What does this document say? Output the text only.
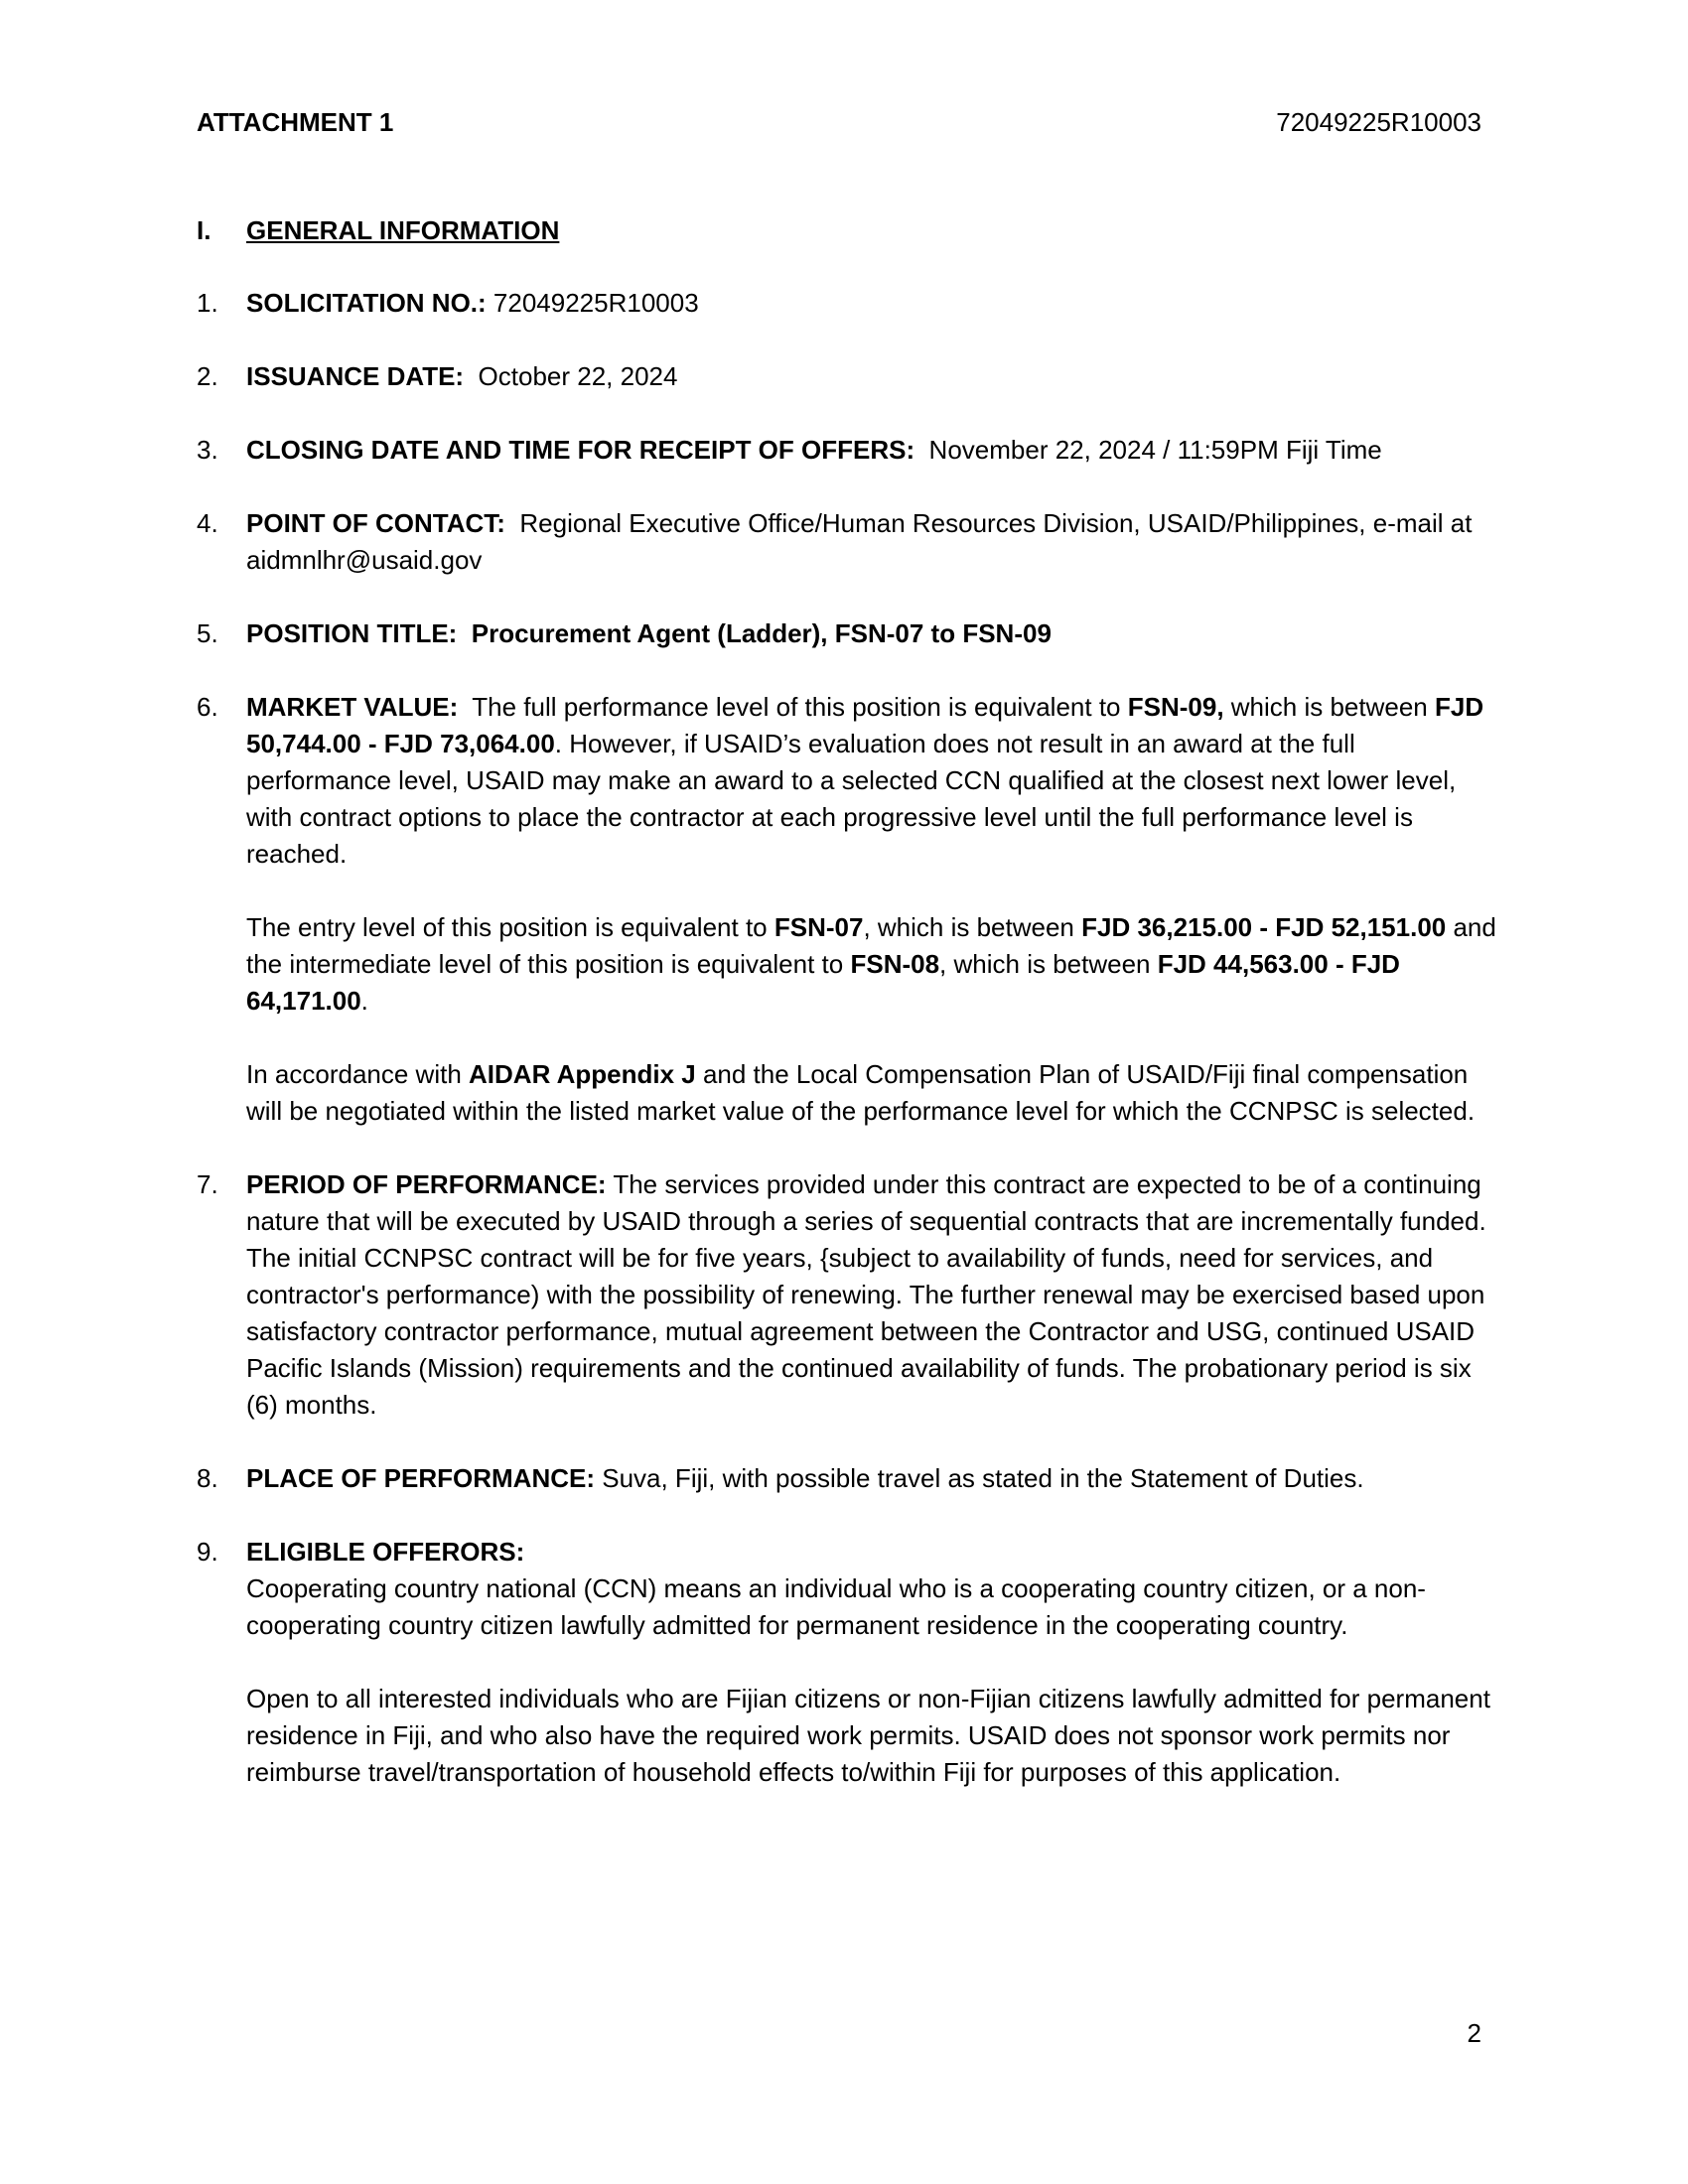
ATTACHMENT 1	72049225R10003
I. GENERAL INFORMATION
1.	SOLICITATION NO.: 72049225R10003

2.	ISSUANCE DATE:  October 22, 2024

3.	CLOSING DATE AND TIME FOR RECEIPT OF OFFERS:  November 22, 2024 / 11:59PM Fiji Time

4.	POINT OF CONTACT:  Regional Executive Office/Human Resources Division, USAID/Philippines, e-mail at aidmnlhr@usaid.gov

5.	POSITION TITLE:  Procurement Agent (Ladder), FSN-07 to FSN-09

6.	MARKET VALUE:  The full performance level of this position is equivalent to FSN-09, which is between FJD 50,744.00 - FJD 73,064.00. However, if USAID’s evaluation does not result in an award at the full performance level, USAID may make an award to a selected CCN qualified at the closest next lower level, with contract options to place the contractor at each progressive level until the full performance level is reached.

The entry level of this position is equivalent to FSN-07, which is between FJD 36,215.00 - FJD 52,151.00 and the intermediate level of this position is equivalent to FSN-08, which is between FJD 44,563.00 - FJD 64,171.00.

In accordance with AIDAR Appendix J and the Local Compensation Plan of USAID/Fiji final compensation will be negotiated within the listed market value of the performance level for which the CCNPSC is selected.

7.	PERIOD OF PERFORMANCE: The services provided under this contract are expected to be of a continuing nature that will be executed by USAID through a series of sequential contracts that are incrementally funded. The initial CCNPSC contract will be for five years, {subject to availability of funds, need for services, and contractor's performance) with the possibility of renewing. The further renewal may be exercised based upon satisfactory contractor performance, mutual agreement between the Contractor and USG, continued USAID Pacific Islands (Mission) requirements and the continued availability of funds. The probationary period is six (6) months.

8.	PLACE OF PERFORMANCE: Suva, Fiji, with possible travel as stated in the Statement of Duties.

9.	ELIGIBLE OFFERORS:

Cooperating country national (CCN) means an individual who is a cooperating country citizen, or a non-cooperating country citizen lawfully admitted for permanent residence in the cooperating country.

Open to all interested individuals who are Fijian citizens or non-Fijian citizens lawfully admitted for permanent residence in Fiji, and who also have the required work permits. USAID does not sponsor work permits nor reimburse travel/transportation of household effects to/within Fiji for purposes of this application.

2
